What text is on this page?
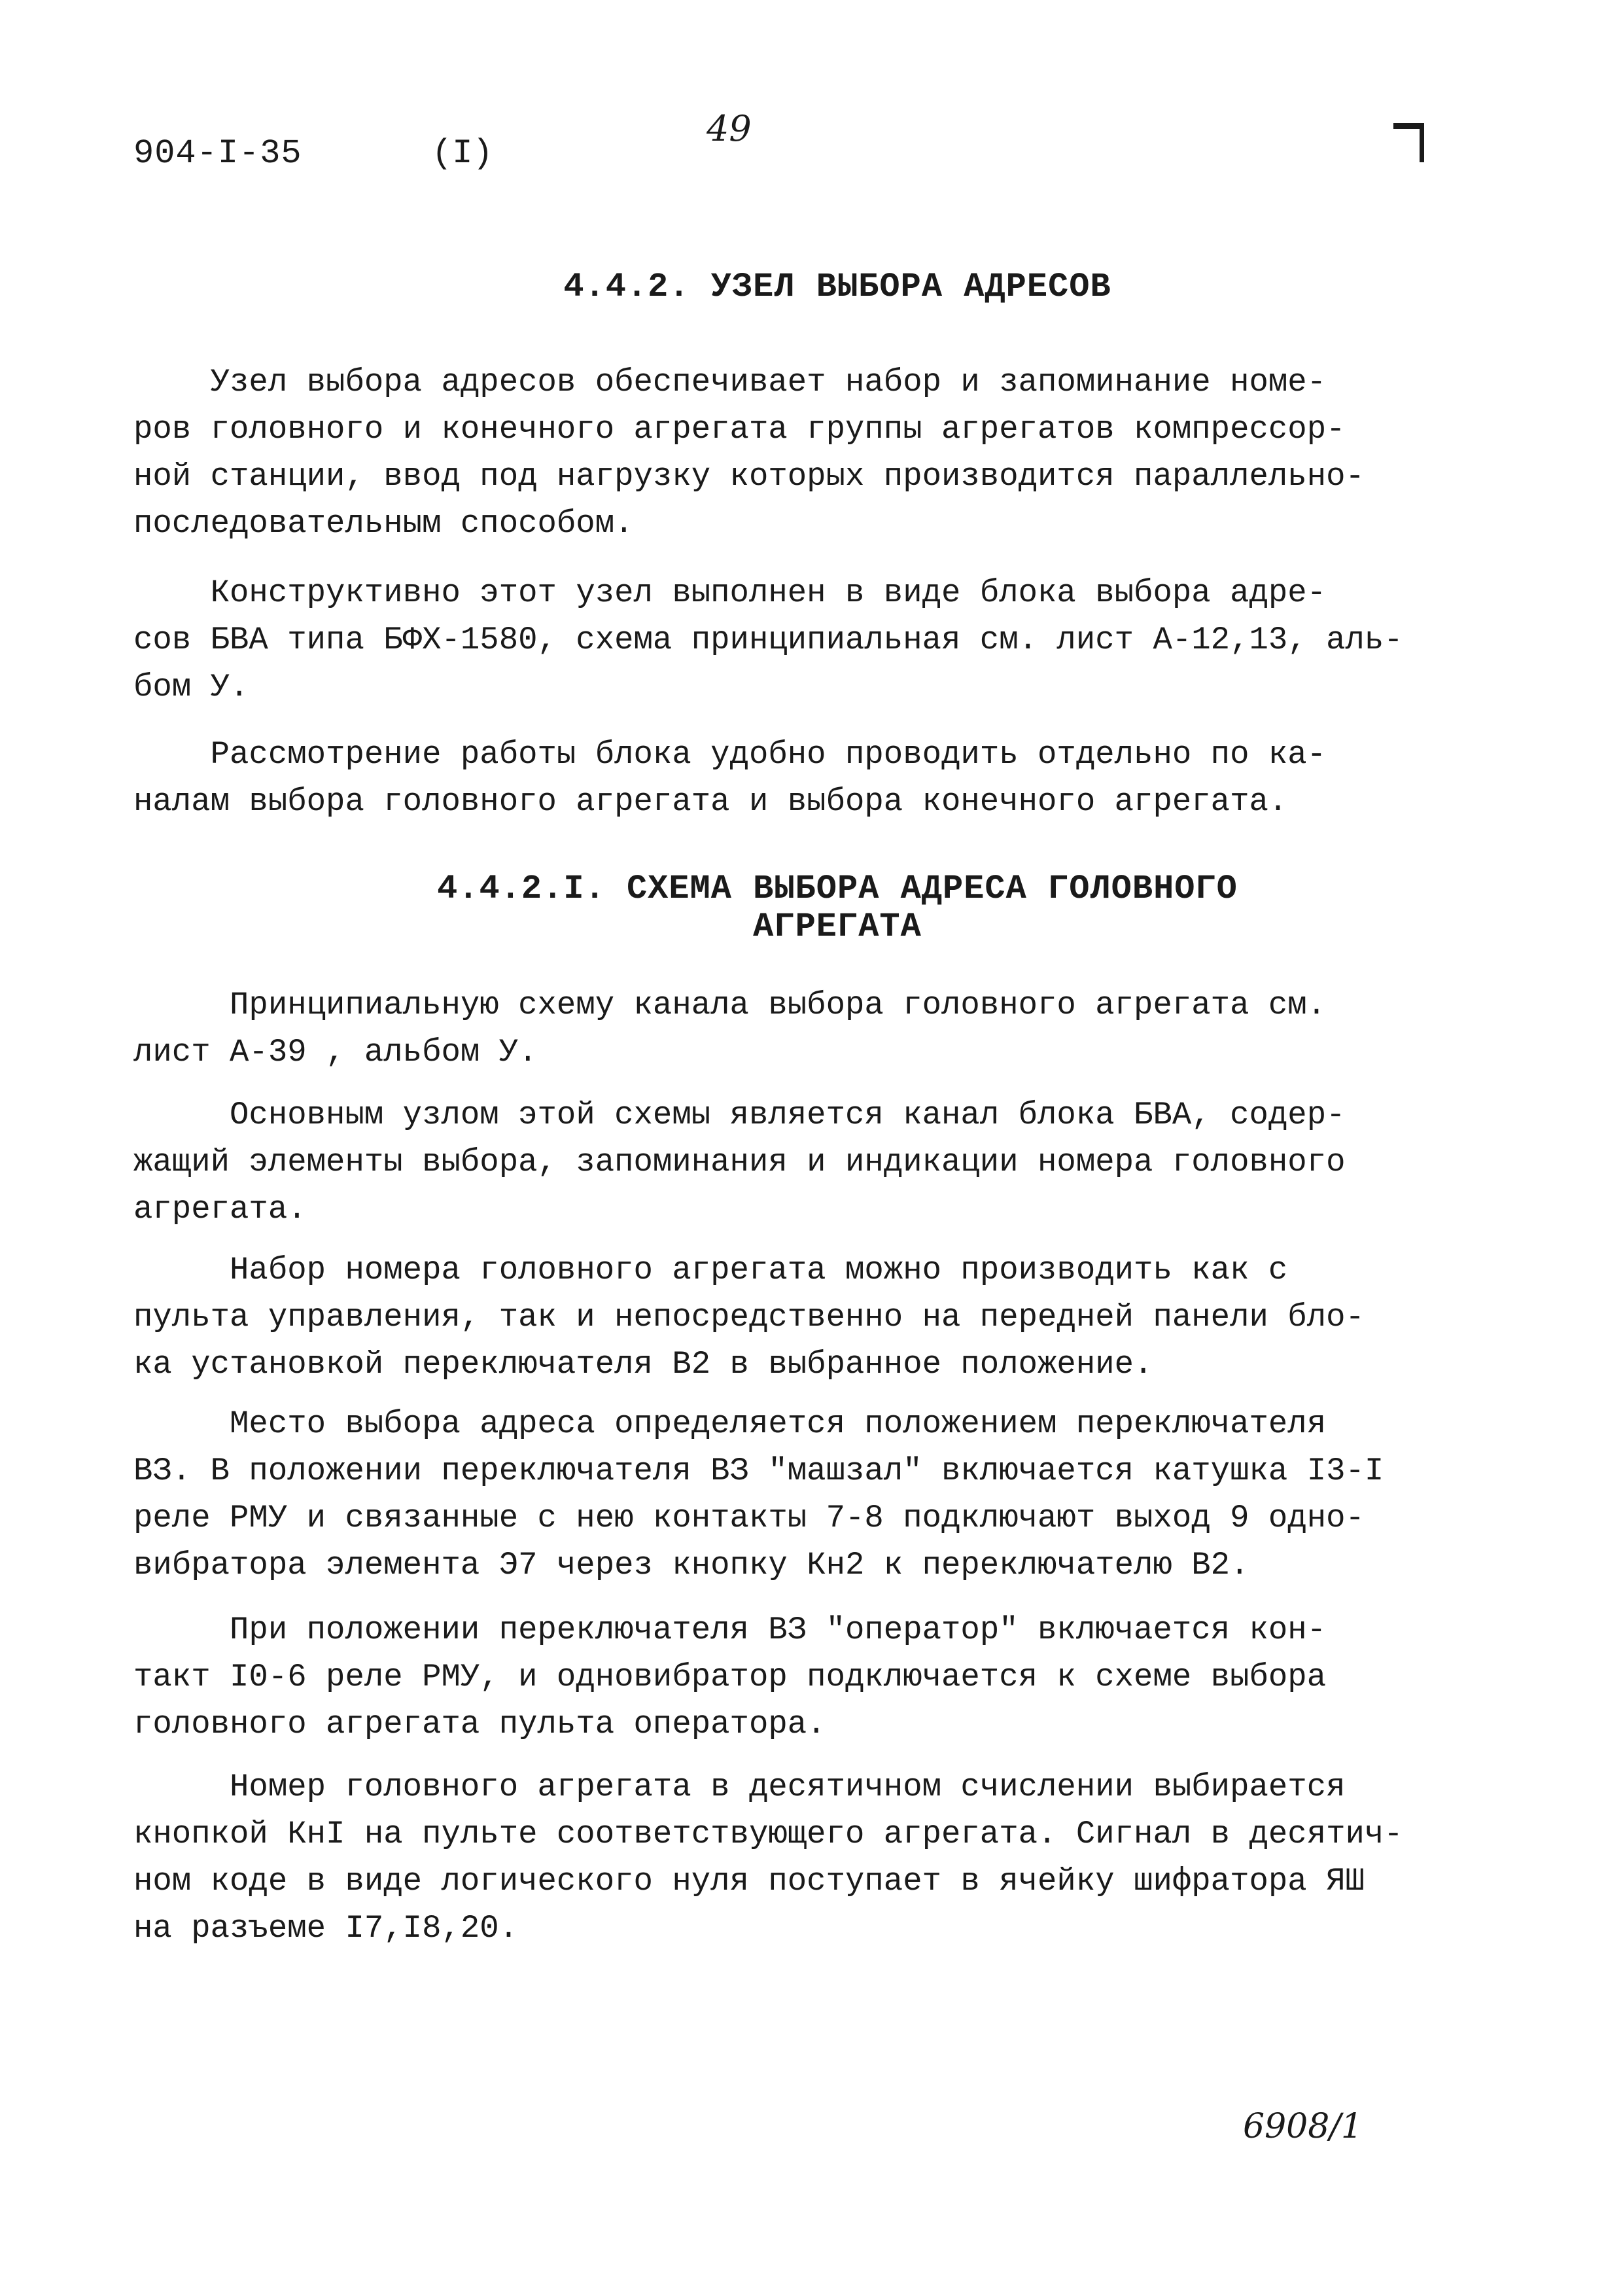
904-I-35	(I)
49
4.4.2. УЗЕЛ ВЫБОРА АДРЕСОВ

Узел выбора адресов обеспечивает набор и запоминание номе-
ров головного и конечного агрегата группы агрегатов компрессор-
ной станции, ввод под нагрузку которых производится параллельно-
последовательным способом.

Конструктивно этот узел выполнен в виде блока выбора адре-
сов БВА типа БФХ-1580, схема принципиальная см. лист А-12,13, аль-
бом У.

Рассмотрение работы блока удобно проводить отдельно по ка-
налам выбора головного агрегата и выбора конечного агрегата.

4.4.2.I. СХЕМА ВЫБОРА АДРЕСА ГОЛОВНОГО
АГРЕГАТА

Принципиальную схему канала выбора головного агрегата см.
лист А-39 , альбом У.

Основным узлом этой схемы является канал блока БВА, содер-
жащий элементы выбора, запоминания и индикации номера головного
агрегата.

Набор номера головного агрегата можно производить как с
пульта управления, так и непосредственно на передней панели бло-
ка установкой переключателя В2 в выбранное положение.

Место выбора адреса определяется положением переключателя
ВЗ. В положении переключателя ВЗ "машзал" включается катушка I3-I
реле РМУ и связанные с нею контакты 7-8 подключают выход 9 одно-
вибратора элемента Э7 через кнопку Кн2 к переключателю В2.

При положении переключателя ВЗ "оператор" включается кон-
такт I0-6 реле РМУ, и одновибратор подключается к схеме выбора
головного агрегата пульта оператора.

Номер головного агрегата в десятичном счислении выбирается
кнопкой КнI на пульте соответствующего агрегата. Сигнал в десятич-
ном коде в виде логического нуля поступает в ячейку шифратора ЯШ
на разъеме I7,I8,20.

6908/1
